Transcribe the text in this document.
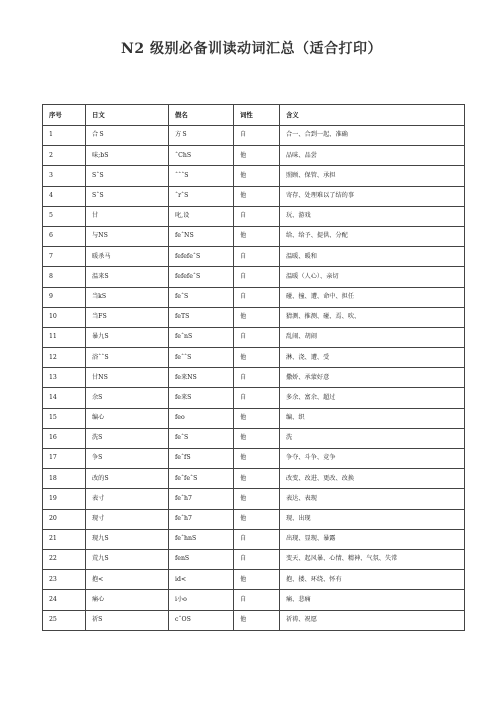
N2 级别必备训读动词汇总（适合打印）
序号	日文	假名	词性	含义
1	合 S	方 S	自	合一、合到一起、准确
2	味;bS	ˆChS	他	品味、品尝
3	SˆS	ˆˆˆS	他	照顾、保管、承担
4	SˆS	ˆrˆS	他	寄存、处理难以了结的事
5	甘	叱,设	自	玩、游戏
6	与NS	feˆNS	他	给、给予、提供、分配
7	暖杀马	fefefeˆS	自	温暖、暖和
8	温来S	fefefeˆS	自	温暖（人心）、亲切
9	当kS	feˆS	自	碰、撞、遭、命中、担任
10	当FS	feTS	他	猜测、推测、碰、焉、吹、
11	暴九S	feˆnS	自	乱闹、胡闹
12	浴ˆˆS	feˆˆS	他	淋、浇、遭、受
13	甘NS	fe来NS	自	撒娇、承蒙好意
14	余S	fe来S	自	多余、富余、超过
15	编心	feo	他	编、织
16	洗S	feˆS	他	洗
17	争S	feˆfS	他	争夺、斗争、竞争
18	改的S	feˆfeˆS	他	改变、改进、更改、改换
19	表寸	feˆh7	他	表达、表现
20	现寸	feˆh7	他	现、出现
21	现九S	feˆhnS	自	出现、显现、暴露
22	荒九S	fenS	自	变天、起风暴、心情、精神、气氛、失常
23	抱<	id<	他	抱、搂、环绕、怀有
24	痛心	i小o	自	痛、悲痛
25	祈S	cˆOS	他	祈祷、祝愿
